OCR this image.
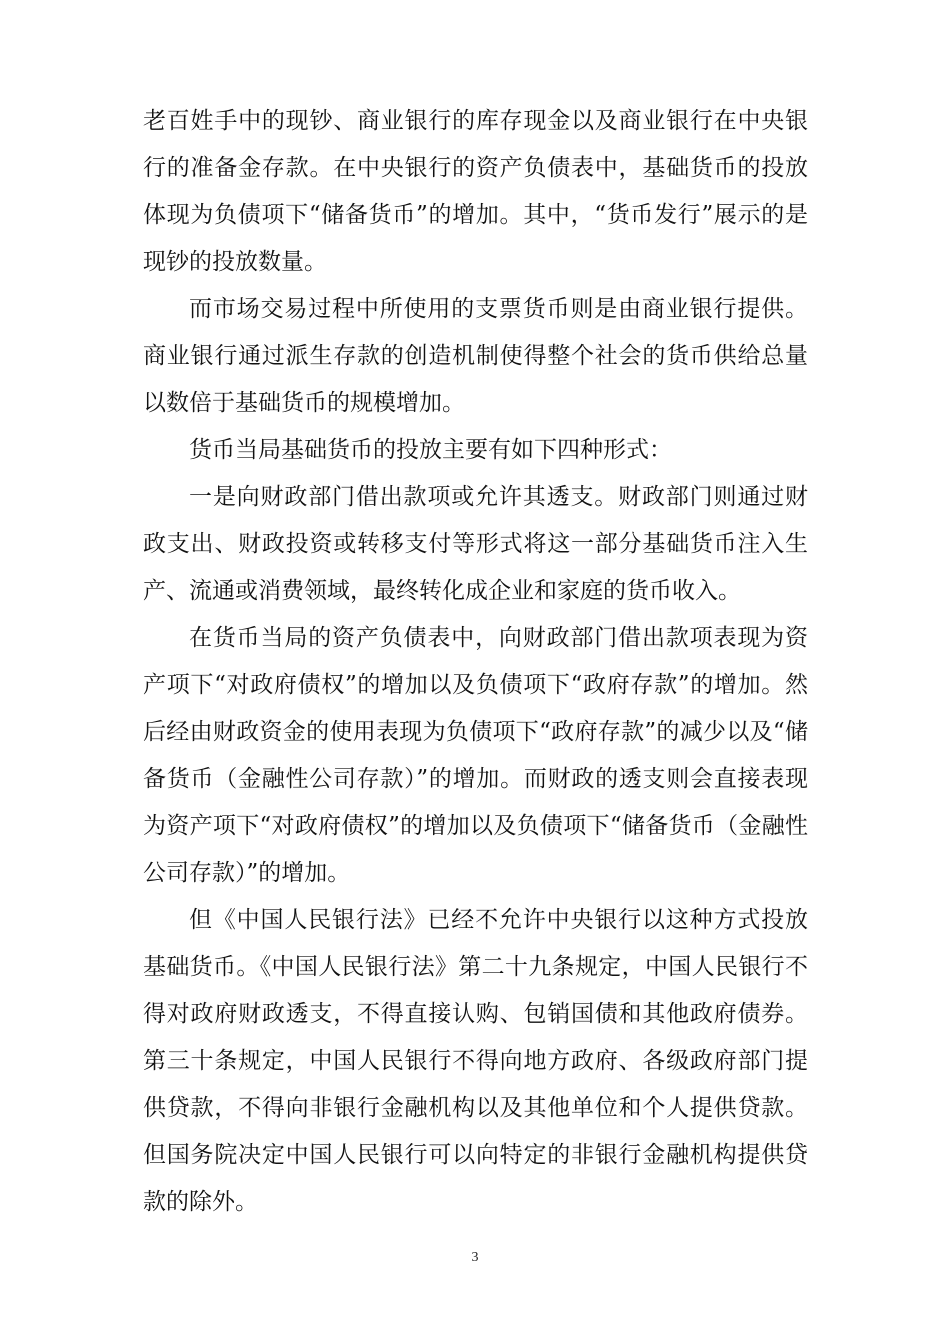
老百姓手中的现钞、商业银行的库存现金以及商业银行在中央银行的准备金存款。在中央银行的资产负债表中，基础货币的投放体现为负债项下“储备货币”的增加。其中，“货币发行”展示的是现钞的投放数量。

而市场交易过程中所使用的支票货币则是由商业银行提供。商业银行通过派生存款的创造机制使得整个社会的货币供给总量以数倍于基础货币的规模增加。

货币当局基础货币的投放主要有如下四种形式：

一是向财政部门借出款项或允许其透支。财政部门则通过财政支出、财政投资或转移支付等形式将这一部分基础货币注入生产、流通或消费领域，最终转化成企业和家庭的货币收入。

在货币当局的资产负债表中，向财政部门借出款项表现为资产项下“对政府债权”的增加以及负债项下“政府存款”的增加。然后经由财政资金的使用表现为负债项下“政府存款”的减少以及“储备货币（金融性公司存款）”的增加。而财政的透支则会直接表现为资产项下“对政府债权”的增加以及负债项下“储备货币（金融性公司存款）”的增加。

但《中国人民银行法》已经不允许中央银行以这种方式投放基础货币。《中国人民银行法》第二十九条规定，中国人民银行不得对政府财政透支，不得直接认购、包销国债和其他政府债券。第三十条规定，中国人民银行不得向地方政府、各级政府部门提供贷款，不得向非银行金融机构以及其他单位和个人提供贷款。但国务院决定中国人民银行可以向特定的非银行金融机构提供贷款的除外。

3
